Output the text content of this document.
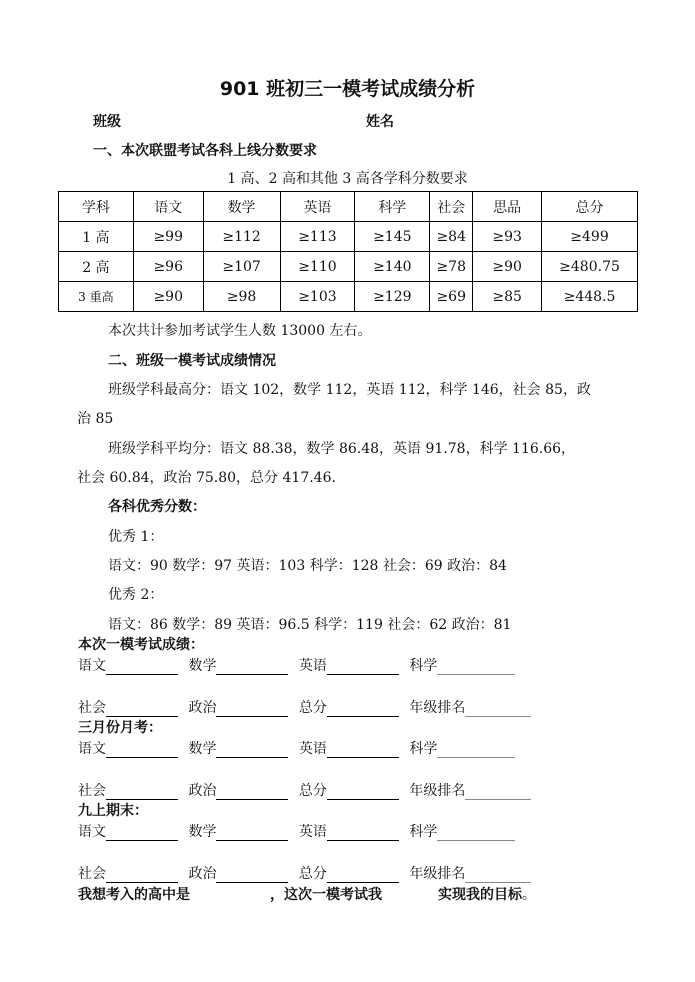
901 班初三一模考试成绩分析
班级	姓名
一、本次联盟考试各科上线分数要求
1 高、2 高和其他 3 高各学科分数要求
学科	语文	数学	英语	科学	社会	思品	总分
1 高	≥99	≥112	≥113	≥145	≥84	≥93	≥499
2 高	≥96	≥107	≥110	≥140	≥78	≥90	≥480.75
3 重高	≥90	≥98	≥103	≥129	≥69	≥85	≥448.5
本次共计参加考试学生人数 13000 左右。
二、班级一模考试成绩情况
班级学科最高分：语文 102，数学 112，英语 112，科学 146，社会 85，政
治 85
班级学科平均分：语文 88.38，数学 86.48，英语 91.78，科学 116.66，
社会 60.84，政治 75.80，总分 417.46.
各科优秀分数：
优秀 1：
语文：90 数学：97 英语：103 科学：128 社会：69 政治：84
优秀 2：
语文：86 数学：89 英语：96.5 科学：119 社会：62 政治：81
本次一模考试成绩：
语文	数学	英语	科学
社会	政治	总分	年级排名
三月份月考：
语文	数学	英语	科学
社会	政治	总分	年级排名
九上期末：
语文	数学	英语	科学
社会	政治	总分	年级排名
我想考入的高中是	，这次一模考试我	实现我的目标。
